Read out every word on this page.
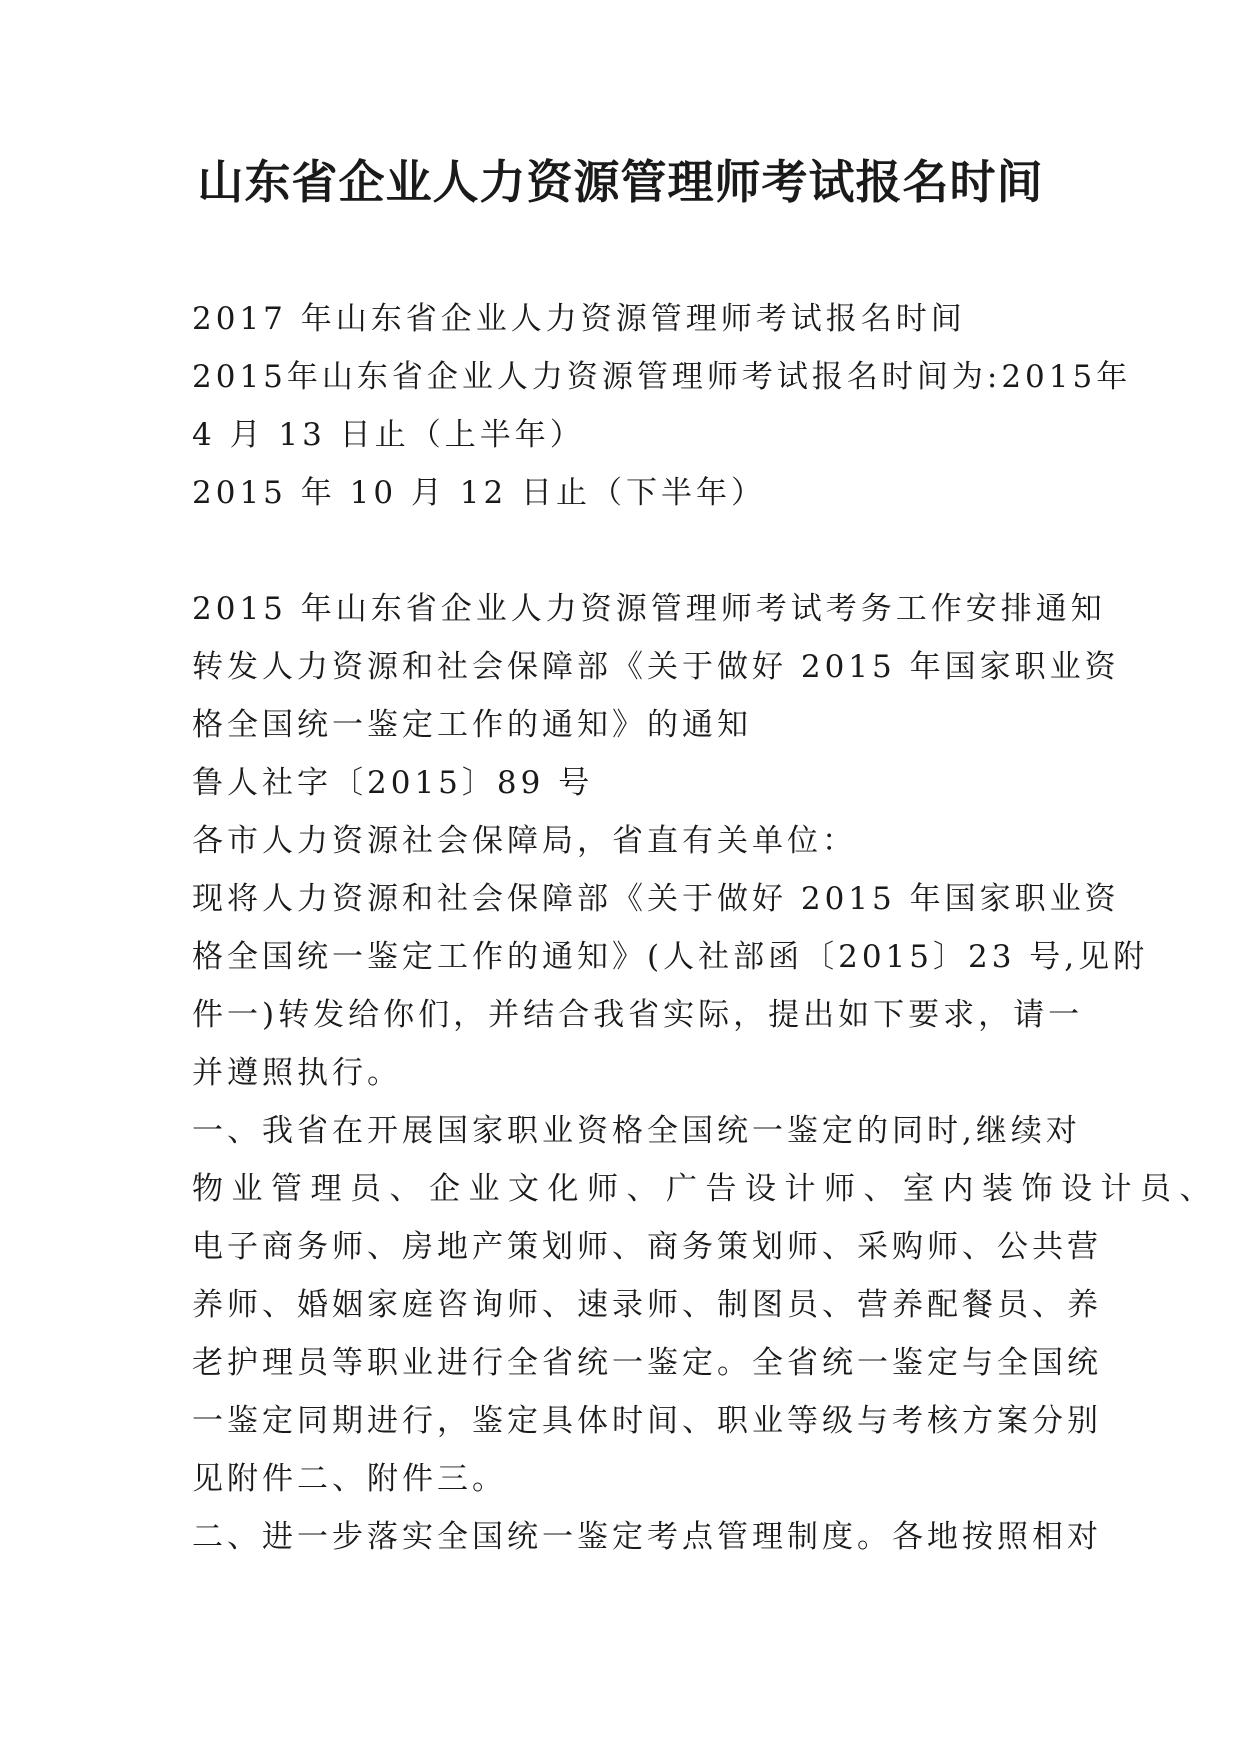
山东省企业人力资源管理师考试报名时间
2017 年山东省企业人力资源管理师考试报名时间
2015年山东省企业人力资源管理师考试报名时间为:2015年
4 月 13 日止（上半年）
2015 年 10 月 12 日止（下半年）
2015 年山东省企业人力资源管理师考试考务工作安排通知
转发人力资源和社会保障部《关于做好 2015 年国家职业资
格全国统一鉴定工作的通知》的通知
鲁人社字〔2015〕89 号
各市人力资源社会保障局，省直有关单位：
现将人力资源和社会保障部《关于做好 2015 年国家职业资
格全国统一鉴定工作的通知》(人社部函〔2015〕23 号,见附
件一)转发给你们，并结合我省实际，提出如下要求，请一
并遵照执行。
一、我省在开展国家职业资格全国统一鉴定的同时,继续对
物业管理员、企业文化师、广告设计师、室内装饰设计员、
电子商务师、房地产策划师、商务策划师、采购师、公共营
养师、婚姻家庭咨询师、速录师、制图员、营养配餐员、养
老护理员等职业进行全省统一鉴定。全省统一鉴定与全国统
一鉴定同期进行，鉴定具体时间、职业等级与考核方案分别
见附件二、附件三。
二、进一步落实全国统一鉴定考点管理制度。各地按照相对
